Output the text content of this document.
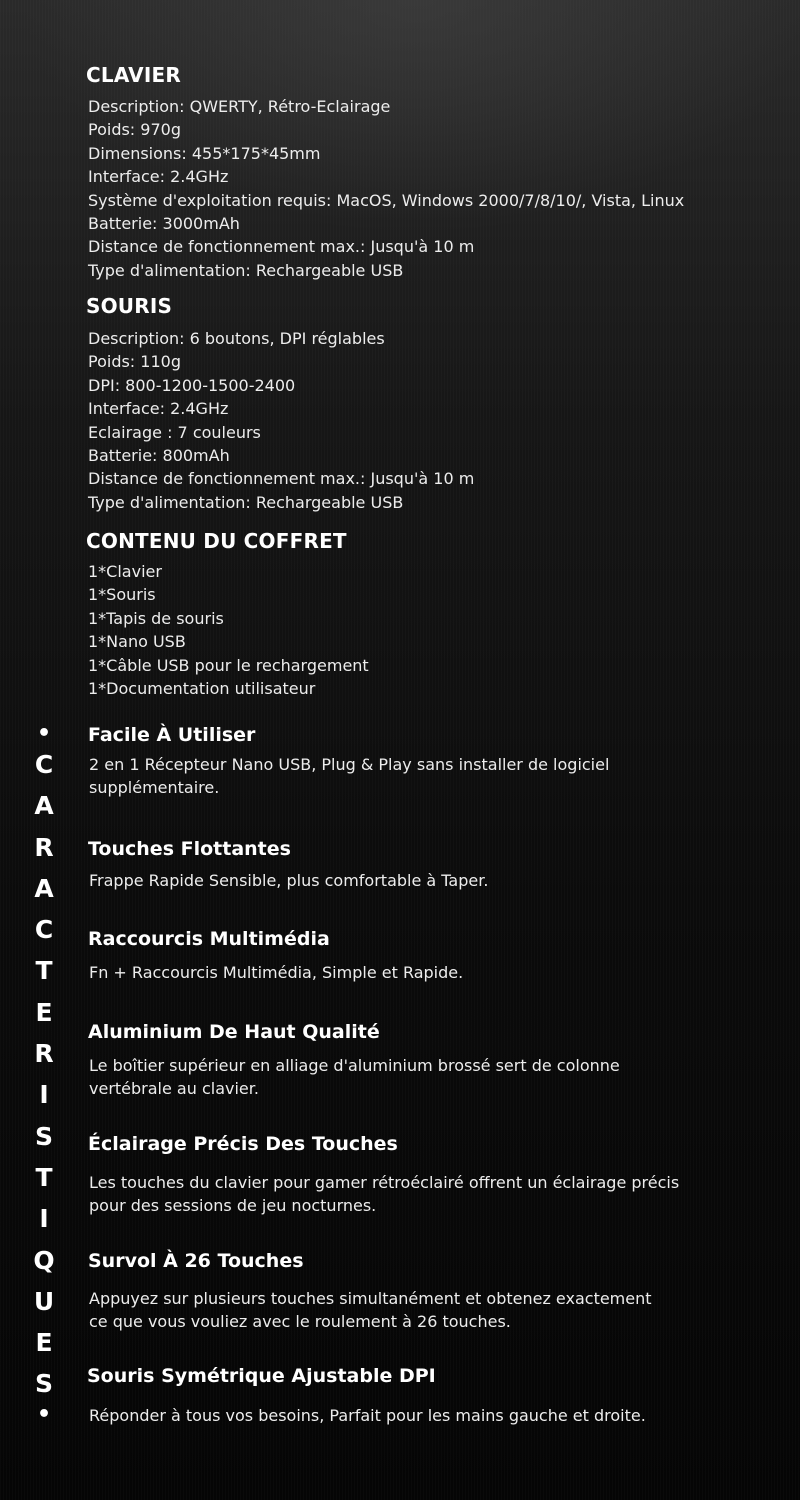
CLAVIER
Description: QWERTY, Rétro-Eclairage
Poids: 970g
Dimensions: 455*175*45mm
Interface: 2.4GHz
Système d'exploitation requis: MacOS, Windows 2000/7/8/10/, Vista, Linux
Batterie: 3000mAh
Distance de fonctionnement max.: Jusqu'à 10 m
Type d'alimentation: Rechargeable USB
SOURIS
Description: 6 boutons, DPI réglables
Poids: 110g
DPI: 800-1200-1500-2400
Interface: 2.4GHz
Eclairage : 7 couleurs
Batterie: 800mAh
Distance de fonctionnement max.: Jusqu'à 10 m
Type d'alimentation: Rechargeable USB
CONTENU DU COFFRET
1*Clavier
1*Souris
1*Tapis de souris
1*Nano USB
1*Câble USB pour le rechargement
1*Documentation utilisateur
•
C
A
R
A
C
T
E
R
I
S
T
I
Q
U
E
S
•
Facile À Utiliser
2 en 1 Récepteur Nano USB, Plug & Play sans installer de logiciel
supplémentaire.
Touches Flottantes
Frappe Rapide Sensible, plus comfortable à Taper.
Raccourcis Multimédia
Fn + Raccourcis Multimédia, Simple et Rapide.
Aluminium De Haut Qualité
Le boîtier supérieur en alliage d'aluminium brossé sert de colonne
vertébrale au clavier.
Éclairage Précis Des Touches
Les touches du clavier pour gamer rétroéclairé offrent un éclairage précis
pour des sessions de jeu nocturnes.
Survol À 26 Touches
Appuyez sur plusieurs touches simultanément et obtenez exactement
ce que vous vouliez avec le roulement à 26 touches.
Souris Symétrique Ajustable DPI
Réponder à tous vos besoins, Parfait pour les mains gauche et droite.
